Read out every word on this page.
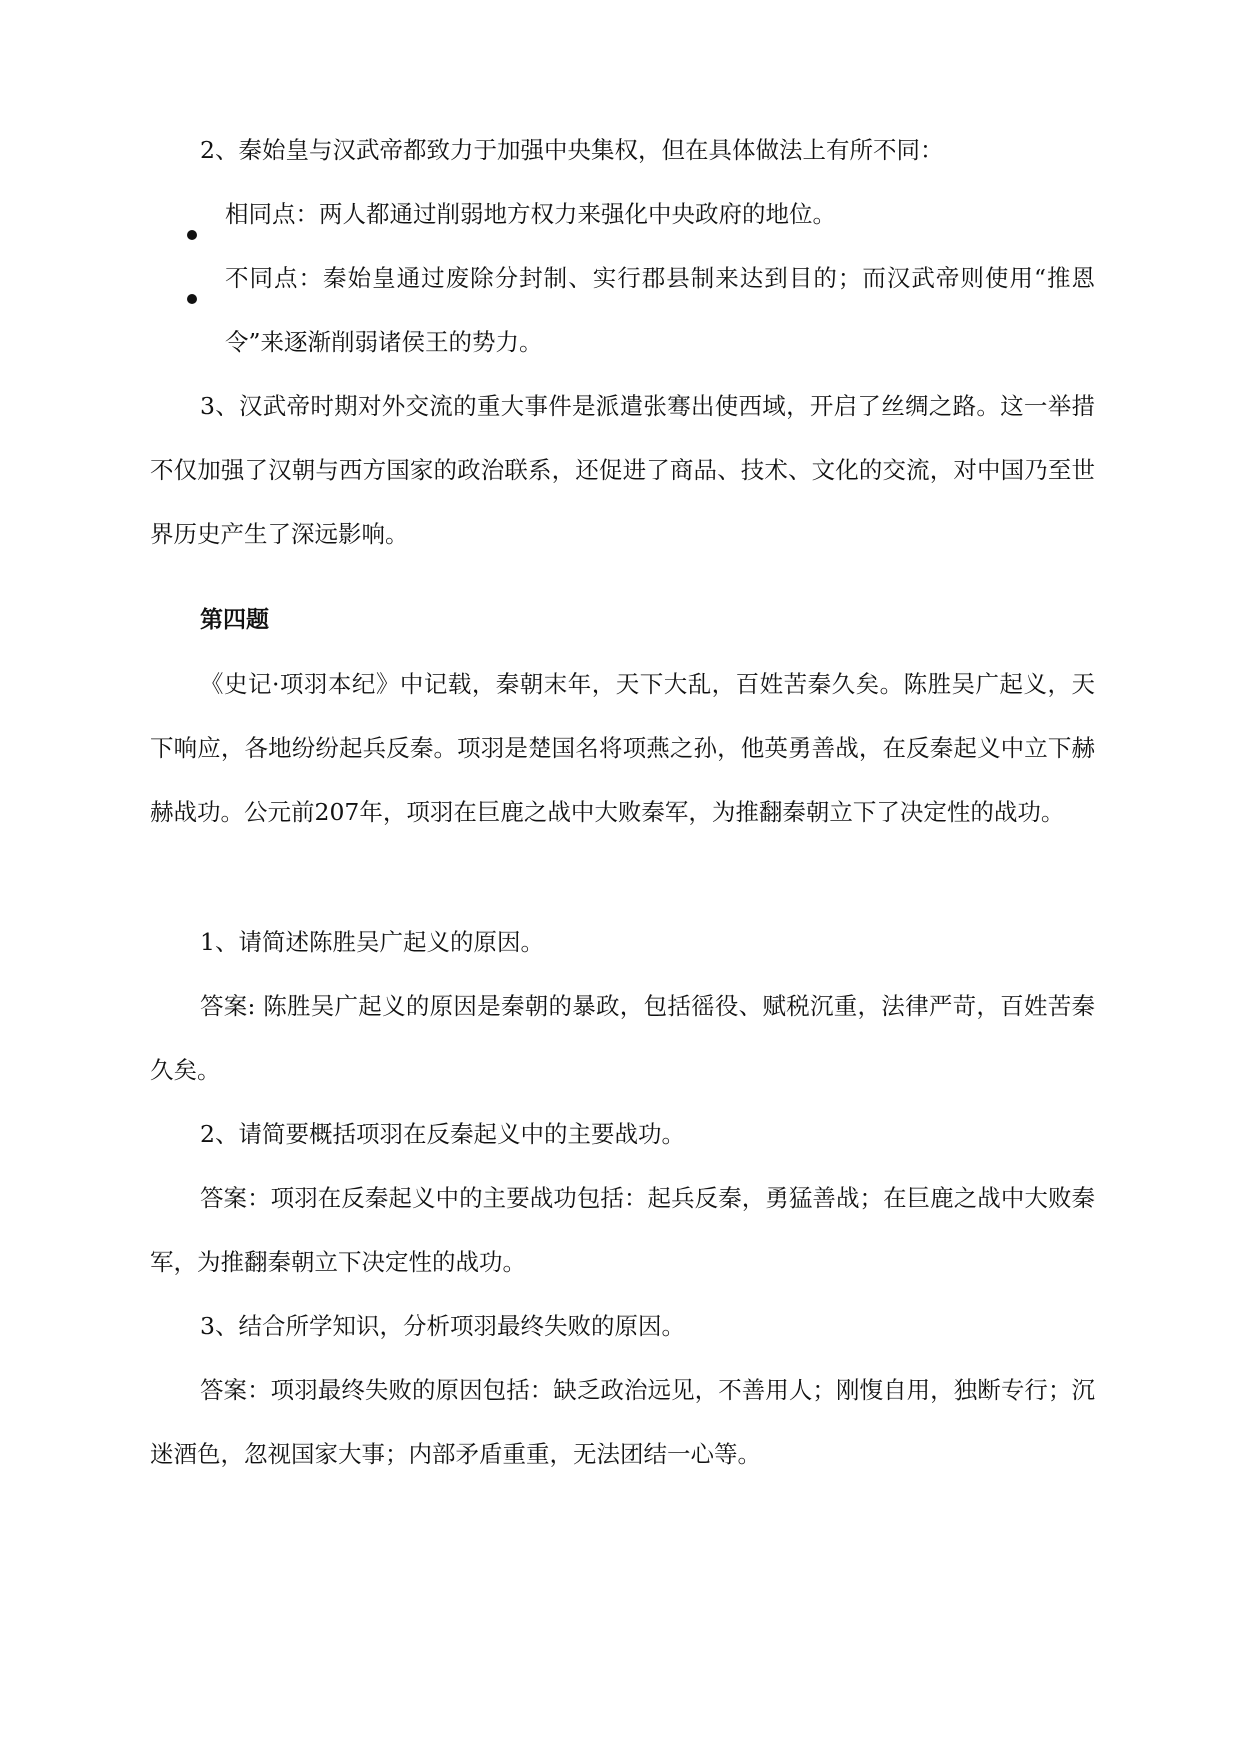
2、秦始皇与汉武帝都致力于加强中央集权，但在具体做法上有所不同：

相同点：两人都通过削弱地方权力来强化中央政府的地位。

不同点：秦始皇通过废除分封制、实行郡县制来达到目的；而汉武帝则使用“推恩令”来逐渐削弱诸侯王的势力。

3、汉武帝时期对外交流的重大事件是派遣张骞出使西域，开启了丝绸之路。这一举措不仅加强了汉朝与西方国家的政治联系，还促进了商品、技术、文化的交流，对中国乃至世界历史产生了深远影响。

第四题

《史记·项羽本纪》中记载，秦朝末年，天下大乱，百姓苦秦久矣。陈胜吴广起义，天下响应，各地纷纷起兵反秦。项羽是楚国名将项燕之孙，他英勇善战，在反秦起义中立下赫赫战功。公元前207年，项羽在巨鹿之战中大败秦军，为推翻秦朝立下了决定性的战功。

1、请简述陈胜吴广起义的原因。

答案: 陈胜吴广起义的原因是秦朝的暴政，包括徭役、赋税沉重，法律严苛，百姓苦秦久矣。

2、请简要概括项羽在反秦起义中的主要战功。

答案：项羽在反秦起义中的主要战功包括：起兵反秦，勇猛善战；在巨鹿之战中大败秦军，为推翻秦朝立下决定性的战功。

3、结合所学知识，分析项羽最终失败的原因。

答案：项羽最终失败的原因包括：缺乏政治远见，不善用人；刚愎自用，独断专行；沉迷酒色，忽视国家大事；内部矛盾重重，无法团结一心等。
